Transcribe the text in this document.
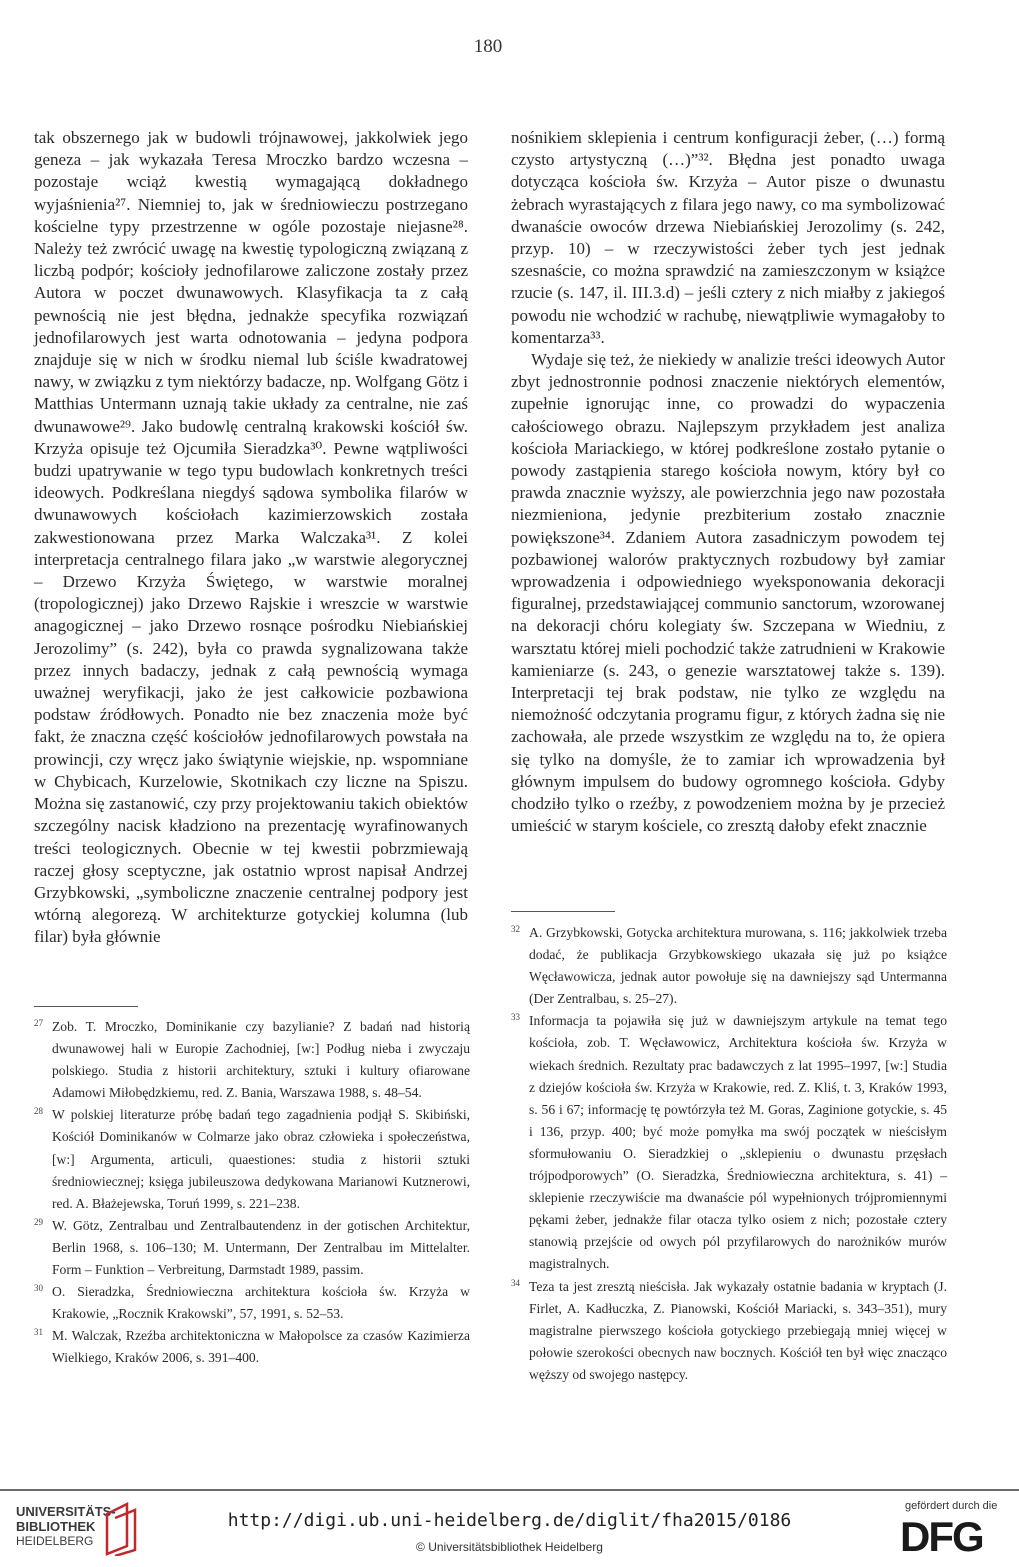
180

tak obszernego jak w budowli trójnawowej, jakkolwiek jego geneza – jak wykazała Teresa Mroczko bardzo wczesna – pozostaje wciąż kwestią wymagającą dokładnego wyjaśnienia²⁷. Niemniej to, jak w średniowieczu postrzegano kościelne typy przestrzenne w ogóle pozostaje niejasne²⁸. Należy też zwrócić uwagę na kwestię typologiczną związaną z liczbą podpór; kościoły jednofilarowe zaliczone zostały przez Autora w poczet dwunawowych. Klasyfikacja ta z całą pewnością nie jest błędna, jednakże specyfika rozwiązań jednofilarowych jest warta odnotowania – jedyna podpora znajduje się w nich w środku niemal lub ściśle kwadratowej nawy, w związku z tym niektórzy badacze, np. Wolfgang Götz i Matthias Untermann uznają takie układy za centralne, nie zaś dwunawowe²⁹. Jako budowlę centralną krakowski kościół św. Krzyża opisuje też Ojcumiła Sieradzka³⁰. Pewne wątpliwości budzi upatrywanie w tego typu budowlach konkretnych treści ideowych. Podkreślana niegdyś sądowa symbolika filarów w dwunawowych kościołach kazimierzowskich została zakwestionowana przez Marka Walczaka³¹. Z kolei interpretacja centralnego filara jako „w warstwie alegorycznej – Drzewo Krzyża Świętego, w warstwie moralnej (tropologicznej) jako Drzewo Rajskie i wreszcie w warstwie anagogicznej – jako Drzewo rosnące pośrodku Niebiańskiej Jerozolimy” (s. 242), była co prawda sygnalizowana także przez innych badaczy, jednak z całą pewnością wymaga uważnej weryfikacji, jako że jest całkowicie pozbawiona podstaw źródłowych. Ponadto nie bez znaczenia może być fakt, że znaczna część kościołów jednofilarowych powstała na prowincji, czy wręcz jako świątynie wiejskie, np. wspomniane w Chybicach, Kurzelowie, Skotnikach czy liczne na Spiszu. Można się zastanowić, czy przy projektowaniu takich obiektów szczególny nacisk kładziono na prezentację wyrafinowanych treści teologicznych. Obecnie w tej kwestii pobrzmiewają raczej głosy sceptyczne, jak ostatnio wprost napisał Andrzej Grzybkowski, „symboliczne znaczenie centralnej podpory jest wtórną alegorezą. W architekturze gotyckiej kolumna (lub filar) była głównie

nośnikiem sklepienia i centrum konfiguracji żeber, (…) formą czysto artystyczną (…)”³². Błędna jest ponadto uwaga dotycząca kościoła św. Krzyża – Autor pisze o dwunastu żebrach wyrastających z filara jego nawy, co ma symbolizować dwanaście owoców drzewa Niebiańskiej Jerozolimy (s. 242, przyp. 10) – w rzeczywistości żeber tych jest jednak szesnaście, co można sprawdzić na zamieszczonym w książce rzucie (s. 147, il. III.3.d) – jeśli cztery z nich miałby z jakiegoś powodu nie wchodzić w rachubę, niewątpliwie wymagałoby to komentarza³³.

Wydaje się też, że niekiedy w analizie treści ideowych Autor zbyt jednostronnie podnosi znaczenie niektórych elementów, zupełnie ignorując inne, co prowadzi do wypaczenia całościowego obrazu. Najlepszym przykładem jest analiza kościoła Mariackiego, w której podkreślone zostało pytanie o powody zastąpienia starego kościoła nowym, który był co prawda znacznie wyższy, ale powierzchnia jego naw pozostała niezmieniona, jedynie prezbiterium zostało znacznie powiększone³⁴. Zdaniem Autora zasadniczym powodem tej pozbawionej walorów praktycznych rozbudowy był zamiar wprowadzenia i odpowiedniego wyeksponowania dekoracji figuralnej, przedstawiającej communio sanctorum, wzorowanej na dekoracji chóru kolegiaty św. Szczepana w Wiedniu, z warsztatu której mieli pochodzić także zatrudnieni w Krakowie kamieniarze (s. 243, o genezie warsztatowej także s. 139). Interpretacji tej brak podstaw, nie tylko ze względu na niemożność odczytania programu figur, z których żadna się nie zachowała, ale przede wszystkim ze względu na to, że opiera się tylko na domyśle, że to zamiar ich wprowadzenia był głównym impulsem do budowy ogromnego kościoła. Gdyby chodziło tylko o rzeźby, z powodzeniem można by je przecież umieścić w starym kościele, co zresztą dałoby efekt znacznie

27 Zob. T. Mroczko, Dominikanie czy bazylianie? Z badań nad historią dwunawowej hali w Europie Zachodniej, [w:] Podług nieba i zwyczaju polskiego. Studia z historii architektury, sztuki i kultury ofiarowane Adamowi Miłobędzkiemu, red. Z. Bania, Warszawa 1988, s. 48–54.
28 W polskiej literaturze próbę badań tego zagadnienia podjął S. Skibiński, Kościół Dominikanów w Colmarze jako obraz człowieka i społeczeństwa, [w:] Argumenta, articuli, quaestiones: studia z historii sztuki średniowiecznej; księga jubileuszowa dedykowana Marianowi Kutznerowi, red. A. Błażejewska, Toruń 1999, s. 221–238.
29 W. Götz, Zentralbau und Zentralbautendenz in der gotischen Architektur, Berlin 1968, s. 106–130; M. Untermann, Der Zentralbau im Mittelalter. Form – Funktion – Verbreitung, Darmstadt 1989, passim.
30 O. Sieradzka, Średniowieczna architektura kościoła św. Krzyża w Krakowie, „Rocznik Krakowski”, 57, 1991, s. 52–53.
31 M. Walczak, Rzeźba architektoniczna w Małopolsce za czasów Kazimierza Wielkiego, Kraków 2006, s. 391–400.
32 A. Grzybkowski, Gotycka architektura murowana, s. 116; jakkolwiek trzeba dodać, że publikacja Grzybkowskiego ukazała się już po książce Węcławowicza, jednak autor powołuje się na dawniejszy sąd Untermanna (Der Zentralbau, s. 25–27).
33 Informacja ta pojawiła się już w dawniejszym artykule na temat tego kościoła, zob. T. Węcławowicz, Architektura kościoła św. Krzyża w wiekach średnich. Rezultaty prac badawczych z lat 1995–1997, [w:] Studia z dziejów kościoła św. Krzyża w Krakowie, red. Z. Kliś, t. 3, Kraków 1993, s. 56 i 67; informację tę powtórzyła też M. Goras, Zaginione gotyckie, s. 45 i 136, przyp. 400; być może pomyłka ma swój początek w nieścisłym sformułowaniu O. Sieradzkiej o „sklepieniu o dwunastu przęsłach trójpodporowych” (O. Sieradzka, Średniowieczna architektura, s. 41) – sklepienie rzeczywiście ma dwanaście pól wypełnionych trójpromiennymi pękami żeber, jednakże filar otacza tylko osiem z nich; pozostałe cztery stanowią przejście od owych pól przyfilarowych do narożników murów magistralnych.
34 Teza ta jest zresztą nieścisła. Jak wykazały ostatnie badania w kryptach (J. Firlet, A. Kadłuczka, Z. Pianowski, Kościół Mariacki, s. 343–351), mury magistralne pierwszego kościoła gotyckiego przebiegają mniej więcej w połowie szerokości obecnych naw bocznych. Kościół ten był więc znacząco węższy od swojego następcy.
UNIVERSITÄTS-
BIBLIOTHEK
HEIDELBERG
http://digi.ub.uni-heidelberg.de/diglit/fha2015/0186
© Universitätsbibliothek Heidelberg
gefördert durch die
DFG
